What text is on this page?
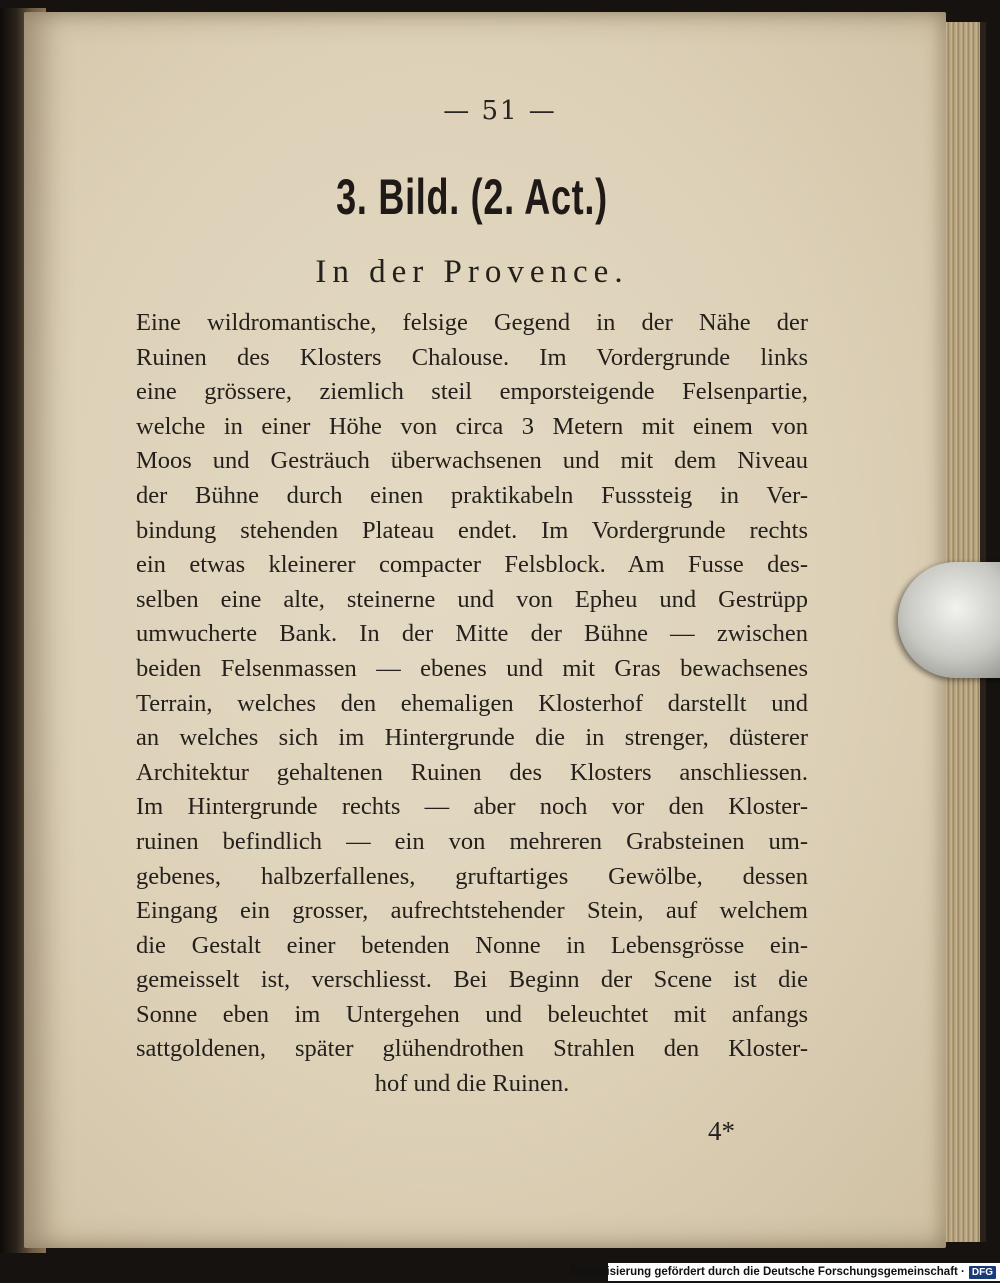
— 51 —
3. Bild. (2. Act.)
In der Provence.
Eine wildromantische, felsige Gegend in der Nähe der
Ruinen des Klosters Chalouse. Im Vordergrunde links
eine grössere, ziemlich steil emporsteigende Felsenpartie,
welche in einer Höhe von circa 3 Metern mit einem von
Moos und Gesträuch überwachsenen und mit dem Niveau
der Bühne durch einen praktikabeln Fusssteig in Ver-
bindung stehenden Plateau endet. Im Vordergrunde rechts
ein etwas kleinerer compacter Felsblock. Am Fusse des-
selben eine alte, steinerne und von Epheu und Gestrüpp
umwucherte Bank. In der Mitte der Bühne — zwischen
beiden Felsenmassen — ebenes und mit Gras bewachsenes
Terrain, welches den ehemaligen Klosterhof darstellt und
an welches sich im Hintergrunde die in strenger, düsterer
Architektur gehaltenen Ruinen des Klosters anschliessen.
Im Hintergrunde rechts — aber noch vor den Kloster-
ruinen befindlich — ein von mehreren Grabsteinen um-
gebenes, halbzerfallenes, gruftartiges Gewölbe, dessen
Eingang ein grosser, aufrechtstehender Stein, auf welchem
die Gestalt einer betenden Nonne in Lebensgrösse ein-
gemeisselt ist, verschliesst. Bei Beginn der Scene ist die
Sonne eben im Untergehen und beleuchtet mit anfangs
sattgoldenen, später glühendrothen Strahlen den Kloster-
hof und die Ruinen.
4*
Digitalisierung gefördert durch die Deutsche Forschungsgemeinschaft · DFG
